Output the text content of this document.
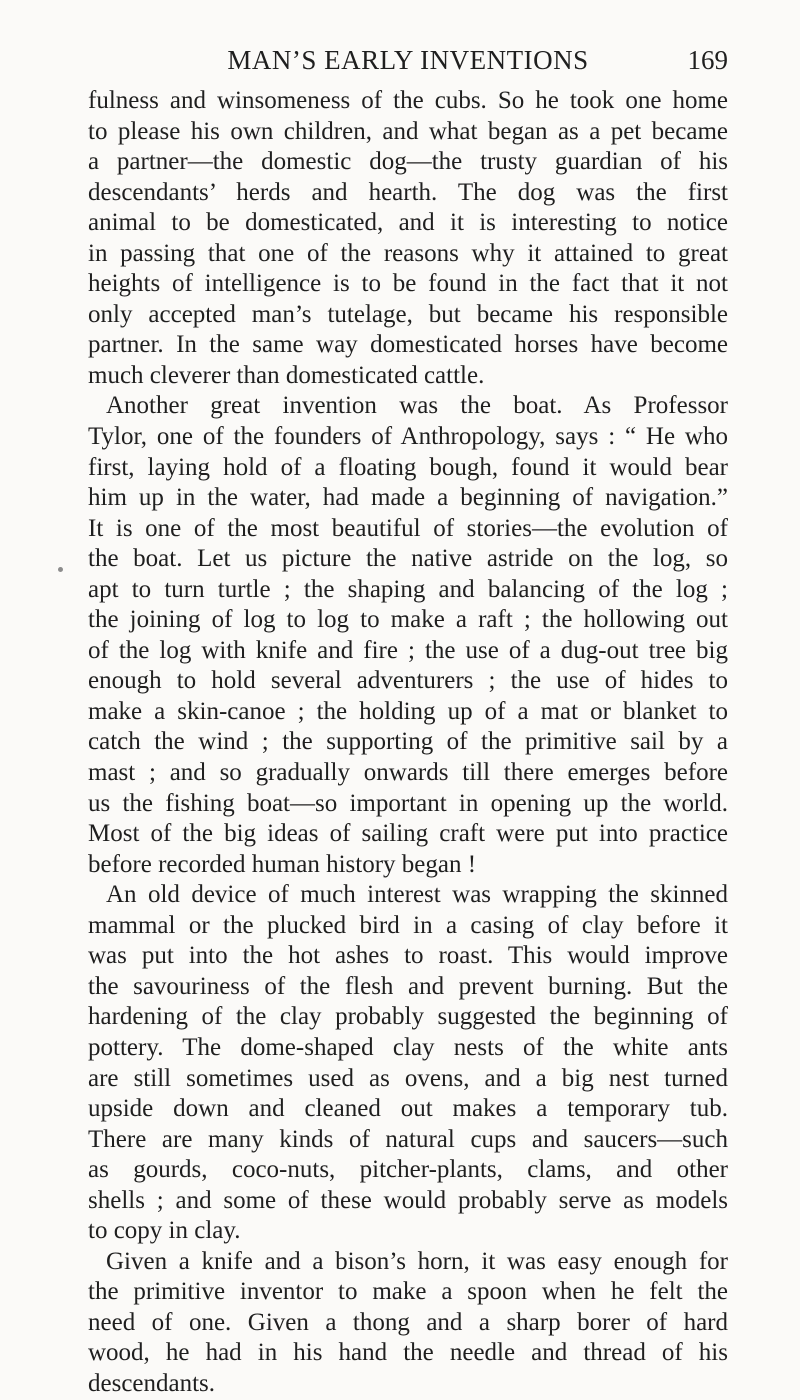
MAN’S EARLY INVENTIONS	169
fulness and winsomeness of the cubs. So he took one home
to please his own children, and what began as a pet became
a partner—the domestic dog—the trusty guardian of his
descendants’ herds and hearth. The dog was the first
animal to be domesticated, and it is interesting to notice
in passing that one of the reasons why it attained to great
heights of intelligence is to be found in the fact that it not
only accepted man’s tutelage, but became his responsible
partner. In the same way domesticated horses have become
much cleverer than domesticated cattle.
Another great invention was the boat. As Professor
Tylor, one of the founders of Anthropology, says : “ He who
first, laying hold of a floating bough, found it would bear
him up in the water, had made a beginning of navigation.”
It is one of the most beautiful of stories—the evolution of
the boat. Let us picture the native astride on the log, so
apt to turn turtle ; the shaping and balancing of the log ;
the joining of log to log to make a raft ; the hollowing out
of the log with knife and fire ; the use of a dug-out tree big
enough to hold several adventurers ; the use of hides to
make a skin-canoe ; the holding up of a mat or blanket to
catch the wind ; the supporting of the primitive sail by a
mast ; and so gradually onwards till there emerges before
us the fishing boat—so important in opening up the world.
Most of the big ideas of sailing craft were put into practice
before recorded human history began !
An old device of much interest was wrapping the skinned
mammal or the plucked bird in a casing of clay before it
was put into the hot ashes to roast. This would improve
the savouriness of the flesh and prevent burning. But the
hardening of the clay probably suggested the beginning of
pottery. The dome-shaped clay nests of the white ants
are still sometimes used as ovens, and a big nest turned
upside down and cleaned out makes a temporary tub.
There are many kinds of natural cups and saucers—such
as gourds, coco-nuts, pitcher-plants, clams, and other
shells ; and some of these would probably serve as models
to copy in clay.
Given a knife and a bison’s horn, it was easy enough for
the primitive inventor to make a spoon when he felt the
need of one. Given a thong and a sharp borer of hard
wood, he had in his hand the needle and thread of his
descendants.
